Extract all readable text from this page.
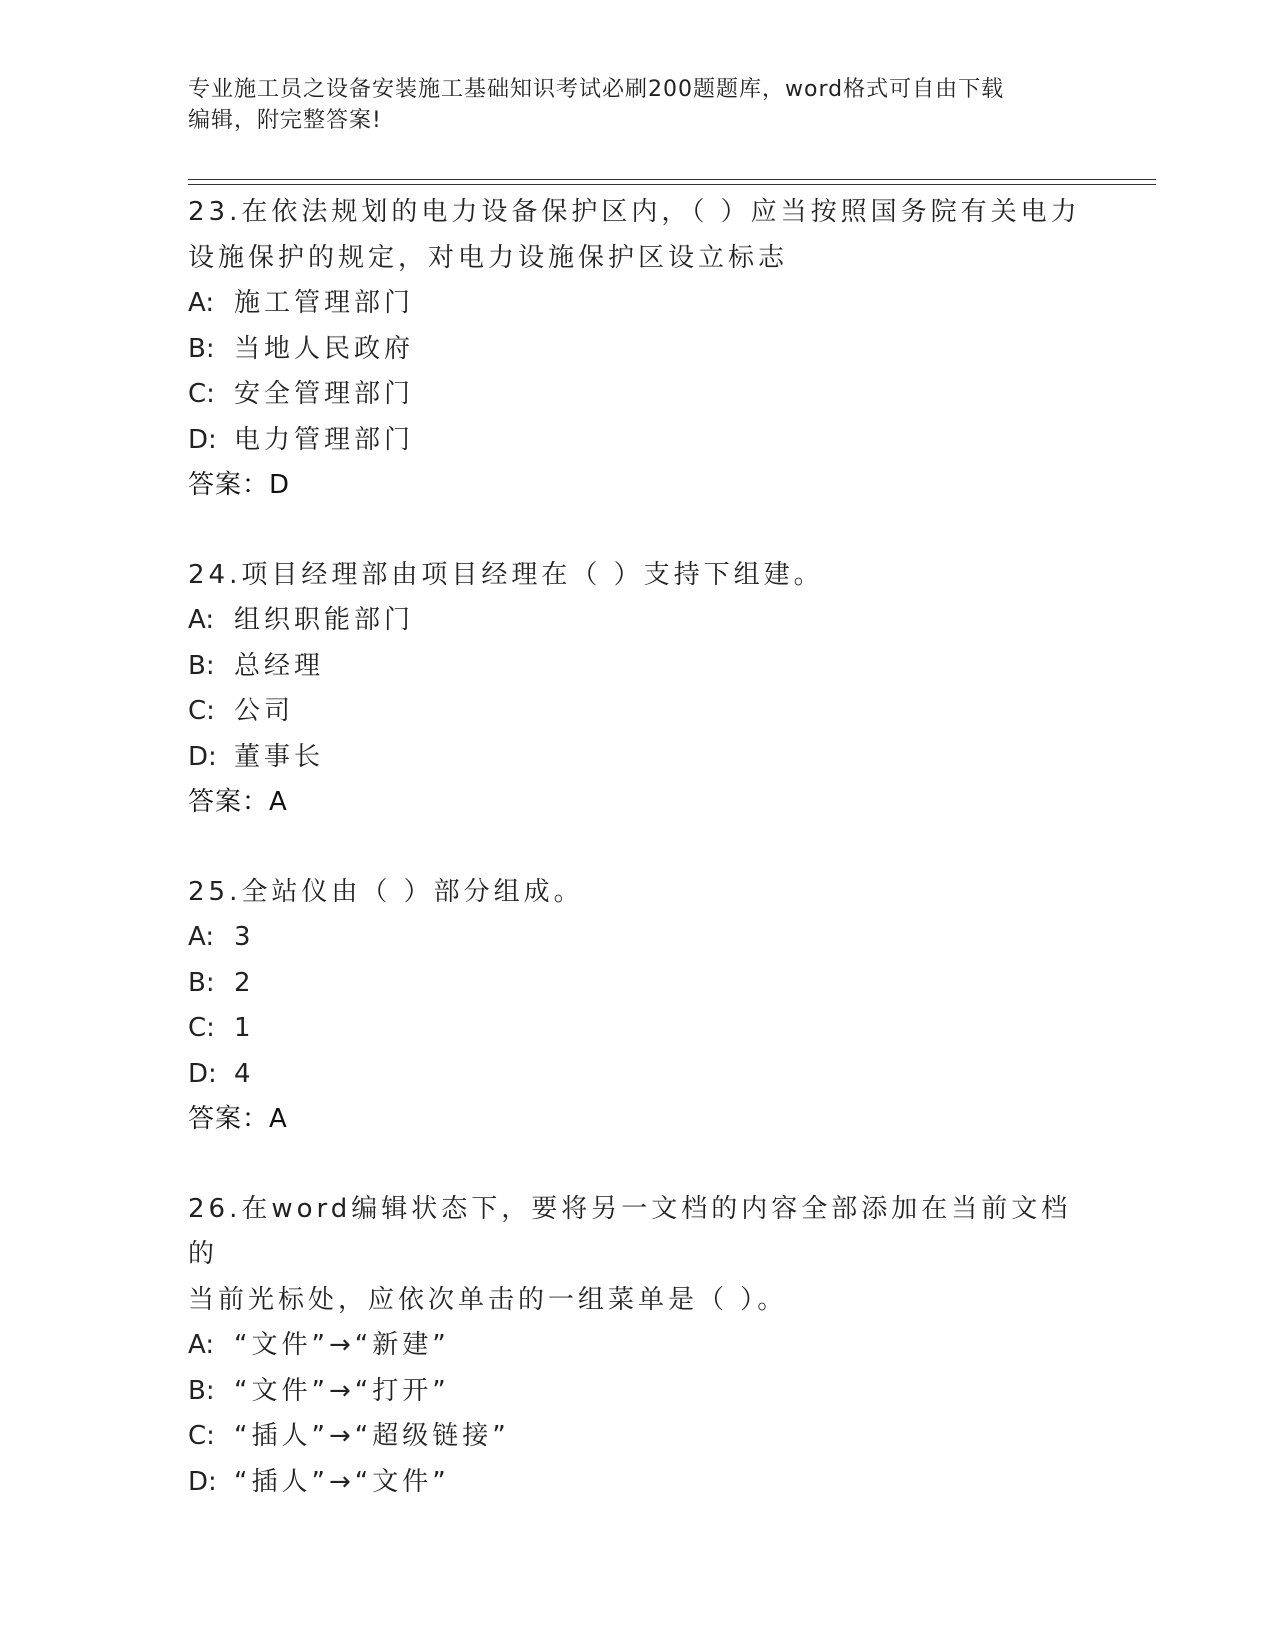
专业施工员之设备安装施工基础知识考试必刷200题题库，word格式可自由下载
编辑，附完整答案!
23.在依法规划的电力设备保护区内，（ ）应当按照国务院有关电力
设施保护的规定，对电力设施保护区设立标志
A: 施工管理部门
B: 当地人民政府
C: 安全管理部门
D: 电力管理部门
答案：D
24.项目经理部由项目经理在（ ）支持下组建。
A: 组织职能部门
B: 总经理
C: 公司
D: 董事长
答案：A
25.全站仪由（ ）部分组成。
A: 3
B: 2
C: 1
D: 4
答案：A
26.在word编辑状态下，要将另一文档的内容全部添加在当前文档的
当前光标处，应依次单击的一组菜单是（ ）。
A: “文件”→“新建”
B: “文件”→“打开”
C: “插人”→“超级链接”
D: “插人”→“文件”
